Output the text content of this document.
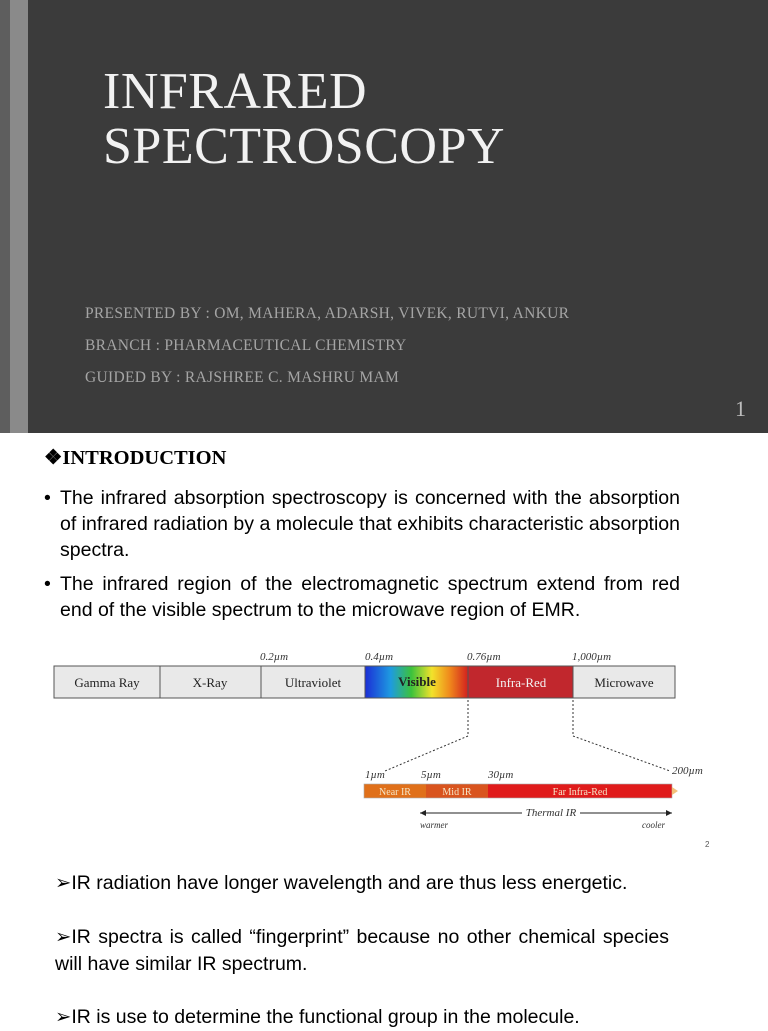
INFRARED
SPECTROSCOPY
PRESENTED BY : OM, MAHERA, ADARSH, VIVEK, RUTVI, ANKUR
BRANCH : PHARMACEUTICAL CHEMISTRY
GUIDED BY : RAJSHREE C. MASHRU MAM
1
❖INTRODUCTION
• The infrared absorption spectroscopy is concerned with the absorption of infrared radiation by a molecule that exhibits characteristic absorption spectra.
• The infrared region of the electromagnetic spectrum extend from red end of the visible spectrum to the microwave region of EMR.
0.2µm	0.4µm	0.76µm	1,000µm
Gamma Ray	X-Ray	Ultraviolet	Visible	Infra-Red	Microwave
1µm	5µm	30µm	200µm
Near IR	Mid IR	Far Infra-Red
Thermal IR
warmer	cooler
2
➢IR radiation have longer wavelength and are thus less energetic.
➢IR spectra is called “fingerprint” because no other chemical species will have similar IR spectrum.
➢IR is use to determine the functional group in the molecule.
